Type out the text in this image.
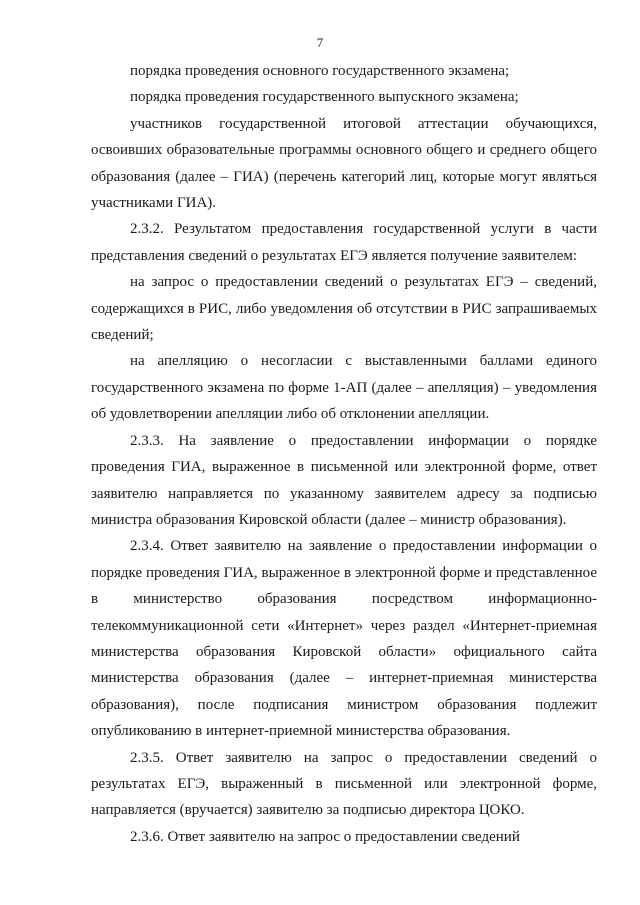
7

порядка проведения основного государственного экзамена;

порядка проведения государственного выпускного экзамена;

участников государственной итоговой аттестации обучающихся, освоивших образовательные программы основного общего и среднего общего образования (далее – ГИА) (перечень категорий лиц, которые могут являться участниками ГИА).

2.3.2. Результатом предоставления государственной услуги в части представления сведений о результатах ЕГЭ является получение заявителем:

на запрос о предоставлении сведений о результатах ЕГЭ – сведений, содержащихся в РИС, либо уведомления об отсутствии в РИС запрашиваемых сведений;

на апелляцию о несогласии с выставленными баллами единого государственного экзамена по форме 1-АП (далее – апелляция) – уведомления об удовлетворении апелляции либо об отклонении апелляции.

2.3.3. На заявление о предоставлении информации о порядке проведения ГИА, выраженное в письменной или электронной форме, ответ заявителю направляется по указанному заявителем адресу за подписью министра образования Кировской области (далее – министр образования).

2.3.4. Ответ заявителю на заявление о предоставлении информации о порядке проведения ГИА, выраженное в электронной форме и представленное в министерство образования посредством информационно-телекоммуникационной сети «Интернет» через раздел «Интернет-приемная министерства образования Кировской области» официального сайта министерства образования (далее – интернет-приемная министерства образования), после подписания министром образования подлежит опубликованию в интернет-приемной министерства образования.

2.3.5. Ответ заявителю на запрос о предоставлении сведений о результатах ЕГЭ, выраженный в письменной или электронной форме, направляется (вручается) заявителю за подписью директора ЦОКО.

2.3.6. Ответ заявителю на запрос о предоставлении сведений
